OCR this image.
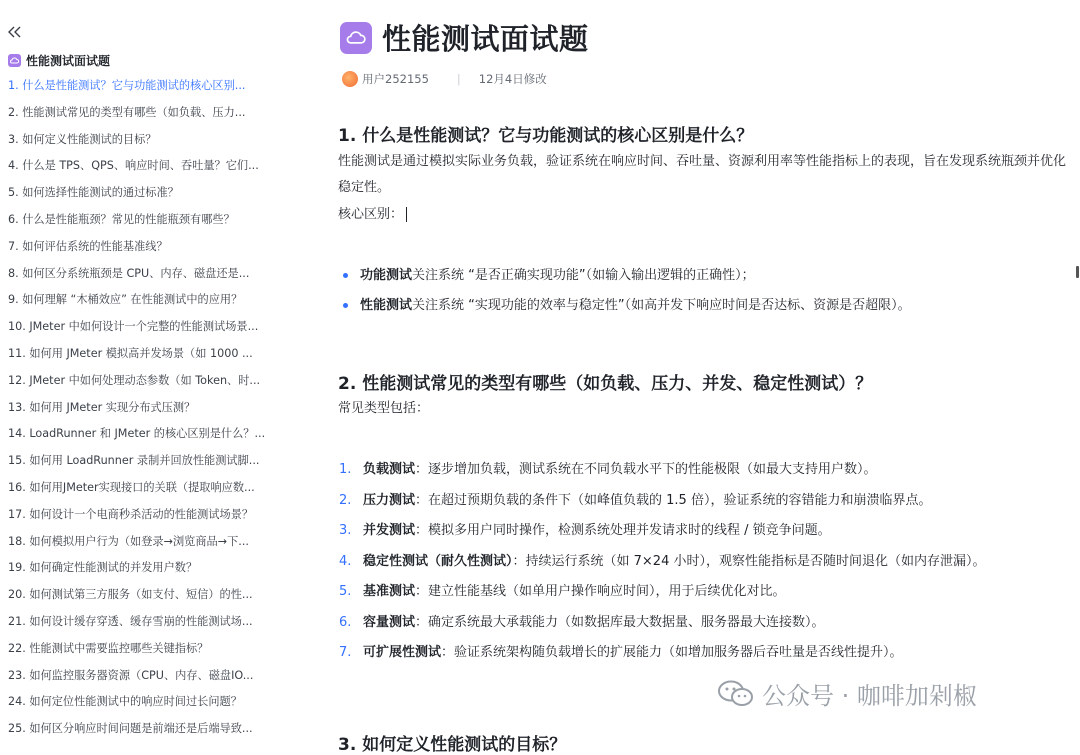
性能测试面试题
1. 什么是性能测试？它与功能测试的核心区别...
2. 性能测试常见的类型有哪些（如负载、压力...
3. 如何定义性能测试的目标？
4. 什么是 TPS、QPS、响应时间、吞吐量？它们...
5. 如何选择性能测试的通过标准？
6. 什么是性能瓶颈？常见的性能瓶颈有哪些？
7. 如何评估系统的性能基准线？
8. 如何区分系统瓶颈是 CPU、内存、磁盘还是...
9. 如何理解 “木桶效应” 在性能测试中的应用？
10. JMeter 中如何设计一个完整的性能测试场景...
11. 如何用 JMeter 模拟高并发场景（如 1000 ...
12. JMeter 中如何处理动态参数（如 Token、时...
13. 如何用 JMeter 实现分布式压测？
14. LoadRunner 和 JMeter 的核心区别是什么？...
15. 如何用 LoadRunner 录制并回放性能测试脚...
16. 如何用JMeter实现接口的关联（提取响应数...
17. 如何设计一个电商秒杀活动的性能测试场景？
18. 如何模拟用户行为（如登录→浏览商品→下...
19. 如何确定性能测试的并发用户数？
20. 如何测试第三方服务（如支付、短信）的性...
21. 如何设计缓存穿透、缓存雪崩的性能测试场...
22. 性能测试中需要监控哪些关键指标？
23. 如何监控服务器资源（CPU、内存、磁盘IO...
24. 如何定位性能测试中的响应时间过长问题？
25. 如何区分响应时间问题是前端还是后端导致...
性能测试面试题
用户252155 | 12月4日修改
1. 什么是性能测试？它与功能测试的核心区别是什么？
性能测试是通过模拟实际业务负载，验证系统在响应时间、吞吐量、资源利用率等性能指标上的表现，旨在发现系统瓶颈并优化稳定性。
核心区别：
功能测试关注系统 “是否正确实现功能”（如输入输出逻辑的正确性）；
性能测试关注系统 “实现功能的效率与稳定性”（如高并发下响应时间是否达标、资源是否超限）。
2. 性能测试常见的类型有哪些（如负载、压力、并发、稳定性测试）？
常见类型包括：
1. 负载测试：逐步增加负载，测试系统在不同负载水平下的性能极限（如最大支持用户数）。
2. 压力测试：在超过预期负载的条件下（如峰值负载的 1.5 倍），验证系统的容错能力和崩溃临界点。
3. 并发测试：模拟多用户同时操作，检测系统处理并发请求时的线程 / 锁竞争问题。
4. 稳定性测试（耐久性测试）：持续运行系统（如 7×24 小时），观察性能指标是否随时间退化（如内存泄漏）。
5. 基准测试：建立性能基线（如单用户操作响应时间），用于后续优化对比。
6. 容量测试：确定系统最大承载能力（如数据库最大数据量、服务器最大连接数）。
7. 可扩展性测试：验证系统架构随负载增长的扩展能力（如增加服务器后吞吐量是否线性提升）。
3. 如何定义性能测试的目标？
公众号 · 咖啡加剁椒
